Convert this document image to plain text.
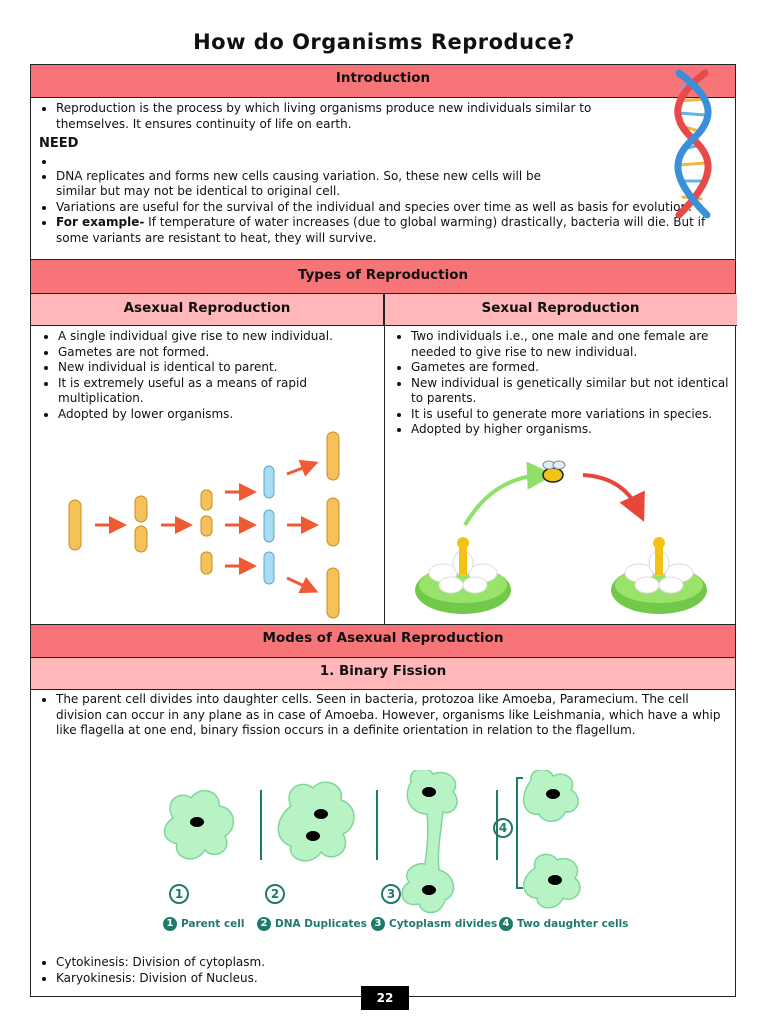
How do Organisms Reproduce?
Introduction
• Reproduction is the process by which living organisms produce new individuals similar to themselves. It ensures continuity of life on earth.
NEED
•
• DNA replicates and forms new cells causing variation. So, these new cells will be similar but may not be identical to original cell.
• Variations are useful for the survival of the individual and species over time as well as basis for evolution.
• For example- If temperature of water increases (due to global warming) drastically, bacteria will die. But if some variants are resistant to heat, they will survive.
Types of Reproduction
Asexual Reproduction	Sexual Reproduction
• A single individual give rise to new individual.
• Gametes are not formed.
• New individual is identical to parent.
• It is extremely useful as a means of rapid multiplication.
• Adopted by lower organisms.
• Two individuals i.e., one male and one female are needed to give rise to new individual.
• Gametes are formed.
• New individual is genetically similar but not identical to parents.
• It is useful to generate more variations in species.
• Adopted by higher organisms.
Modes of Asexual Reproduction
1. Binary Fission
• The parent cell divides into daughter cells. Seen in bacteria, protozoa like Amoeba, Paramecium. The cell division can occur in any plane as in case of Amoeba. However, organisms like Leishmania, which have a whip like flagella at one end, binary fission occurs in a definite orientation in relation to the flagellum.
1	2	3
4
1 Parent cell	2 DNA Duplicates 3 Cytoplasm divides 4 Two daughter cells
• Cytokinesis: Division of cytoplasm.
• Karyokinesis: Division of Nucleus.
22
